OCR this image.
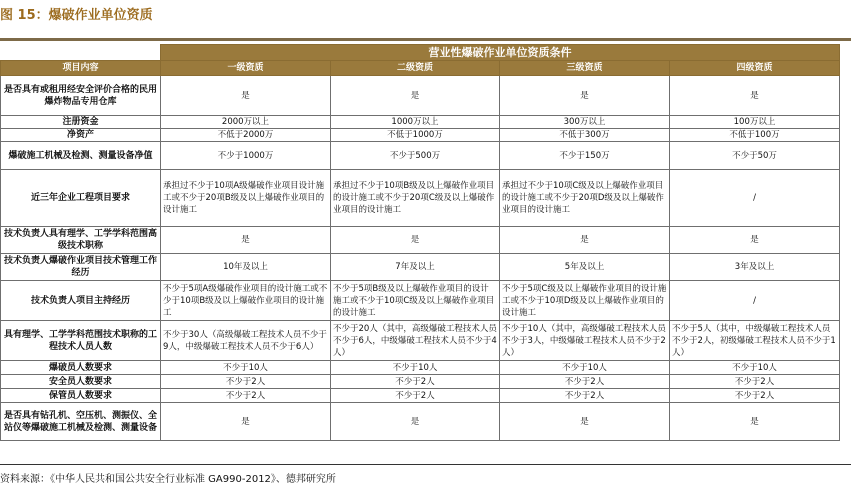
图 15：爆破作业单位资质
	营业性爆破作业单位资质条件			
项目内容	一级资质	二级资质	三级资质	四级资质
是否具有或租用经安全评价合格的民用爆炸物品专用仓库	是	是	是	是
注册资金	2000万以上	1000万以上	300万以上	100万以上
净资产	不低于2000万	不低于1000万	不低于300万	不低于100万
爆破施工机械及检测、测量设备净值	不少于1000万	不少于500万	不少于150万	不少于50万
近三年企业工程项目要求	承担过不少于10项A级爆破作业项目设计施工或不少于20项B级及以上爆破作业项目的设计施工	承担过不少于10项B级及以上爆破作业项目的设计施工或不少于20项C级及以上爆破作业项目的设计施工	承担过不少于10项C级及以上爆破作业项目的设计施工或不少于20项D级及以上爆破作业项目的设计施工	/
技术负责人具有理学、工学学科范围高级技术职称	是	是	是	是
技术负责人爆破作业项目技术管理工作经历	10年及以上	7年及以上	5年及以上	3年及以上
技术负责人项目主持经历	不少于5项A级爆破作业项目的设计施工或不少于10项B级及以上爆破作业项目的设计施工	不少于5项B级及以上爆破作业项目的设计施工或不少于10项C级及以上爆破作业项目的设计施工	不少于5项C级及以上爆破作业项目的设计施工或不少于10项D级及以上爆破作业项目的设计施工	/
具有理学、工学学科范围技术职称的工程技术人员人数	不少于30人（高级爆破工程技术人员不少于9人，中级爆破工程技术人员不少于6人）	不少于20人（其中，高级爆破工程技术人员不少于6人，中级爆破工程技术人员不少于4人）	不少于10人（其中，高级爆破工程技术人员不少于3人，中级爆破工程技术人员不少于2人）	不少于5人（其中，中级爆破工程技术人员不少于2人，初级爆破工程技术人员不少于1人）
爆破员人数要求	不少于10人	不少于10人	不少于10人	不少于10人
安全员人数要求	不少于2人	不少于2人	不少于2人	不少于2人
保管员人数要求	不少于2人	不少于2人	不少于2人	不少于2人
是否具有钻孔机、空压机、测振仪、全站仪等爆破施工机械及检测、测量设备	是	是	是	是
资料来源：《中华人民共和国公共安全行业标准 GA990-2012》、德邦研究所
